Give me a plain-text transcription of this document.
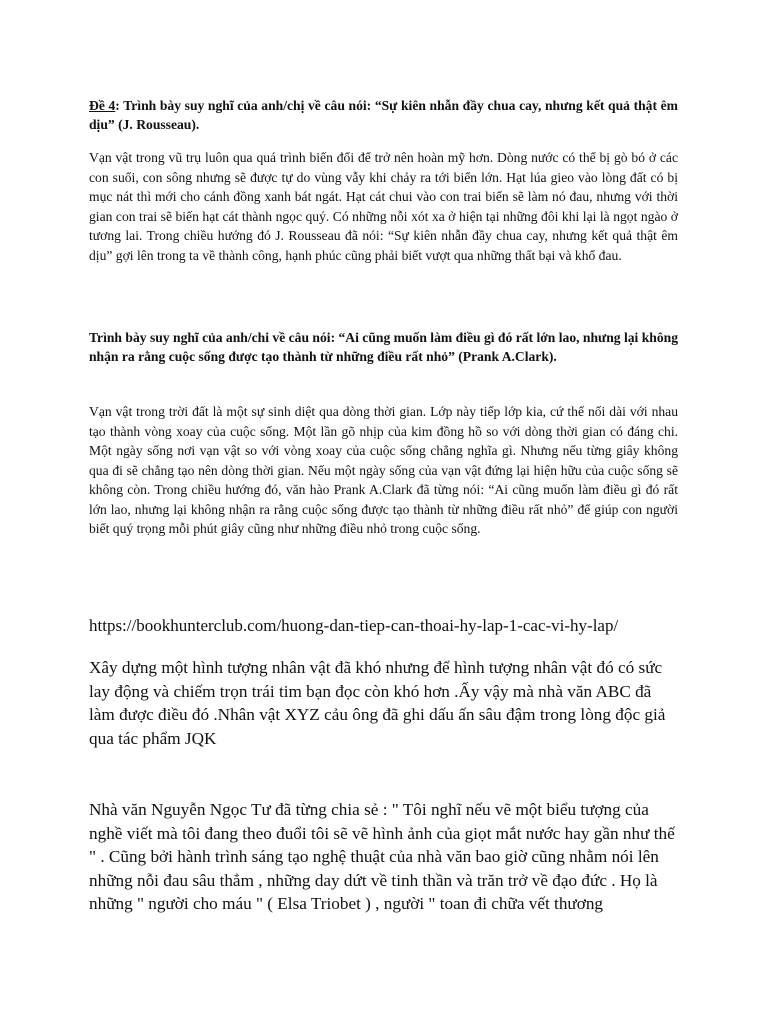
Đề 4: Trình bày suy nghĩ của anh/chị về câu nói: “Sự kiên nhẫn đầy chua cay, nhưng kết quả thật êm dịu” (J. Rousseau).

Vạn vật trong vũ trụ luôn qua quá trình biến đổi để trở nên hoàn mỹ hơn. Dòng nước có thể bị gò bó ở các con suối, con sông nhưng sẽ được tự do vùng vẫy khi chảy ra tới biển lớn. Hạt lúa gieo vào lòng đất có bị mục nát thì mới cho cánh đồng xanh bát ngát. Hạt cát chui vào con trai biển sẽ làm nó đau, nhưng với thời gian con trai sẽ biến hạt cát thành ngọc quý. Có những nỗi xót xa ở hiện tại những đôi khi lại là ngọt ngào ở tương lai. Trong chiều hướng đó J. Rousseau đã nói: “Sự kiên nhẫn đầy chua cay, nhưng kết quả thật êm dịu” gợi lên trong ta về thành công, hạnh phúc cũng phải biết vượt qua những thất bại và khổ đau.

Trình bày suy nghĩ của anh/chi về câu nói: “Ai cũng muốn làm điều gì đó rất lớn lao, nhưng lại không nhận ra rằng cuộc sống được tạo thành từ những điều rất nhỏ” (Prank A.Clark).

Vạn vật trong trời đất là một sự sinh diệt qua dòng thời gian. Lớp này tiếp lớp kia, cứ thế nối dài với nhau tạo thành vòng xoay của cuộc sống. Một lần gõ nhịp của kim đồng hồ so với dòng thời gian có đáng chi. Một ngày sống nơi vạn vật so với vòng xoay của cuộc sống chẳng nghĩa gì. Nhưng nếu từng giây không qua đi sẽ chẳng tạo nên dòng thời gian. Nếu một ngày sống của vạn vật đứng lại hiện hữu của cuộc sống sẽ không còn. Trong chiều hướng đó, văn hào Prank A.Clark đã từng nói: “Ai cũng muốn làm điều gì đó rất lớn lao, nhưng lại không nhận ra rằng cuộc sống được tạo thành từ những điều rất nhỏ” để giúp con người biết quý trọng mỗi phút giây cũng như những điều nhỏ trong cuộc sống.

https://bookhunterclub.com/huong-dan-tiep-can-thoai-hy-lap-1-cac-vi-hy-lap/

Xây dựng một hình tượng nhân vật đã khó nhưng để hình tượng nhân vật đó có sức lay động và chiếm trọn trái tim bạn đọc còn khó hơn .Ấy vậy mà nhà văn ABC đã làm được điều đó .Nhân vật XYZ cảu ông đã ghi dấu ấn sâu đậm trong lòng độc giả qua tác phẩm JQK

Nhà văn Nguyễn Ngọc Tư đã từng chia sẻ : " Tôi nghĩ nếu vẽ một biểu tượng của nghề viết mà tôi đang theo đuổi tôi sẽ vẽ hình ảnh của giọt mắt nước hay gần như thế " . Cũng bởi hành trình sáng tạo nghệ thuật của nhà văn bao giờ cũng nhằm nói lên những nỗi đau sâu thẳm , những day dứt về tinh thần và trăn trở về đạo đức . Họ là những " người cho máu " ( Elsa Triobet ) , người " toan đi chữa vết thương
